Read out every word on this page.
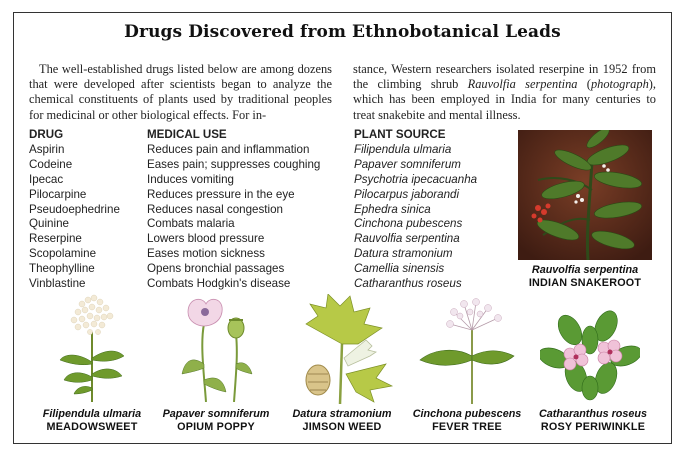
Drugs Discovered from Ethnobotanical Leads
The well-established drugs listed below are among dozens that were developed after scientists began to analyze the chemical constituents of plants used by traditional peoples for medicinal or other biological effects. For in-
stance, Western researchers isolated reserpine in 1952 from the climbing shrub Rauvolfia serpentina (photograph), which has been employed in India for many centuries to treat snakebite and mental illness.
DRUG
Aspirin
Codeine
Ipecac
Pilocarpine
Pseudoephedrine
Quinine
Reserpine
Scopolamine
Theophylline
Vinblastine
MEDICAL USE
Reduces pain and inflammation
Eases pain; suppresses coughing
Induces vomiting
Reduces pressure in the eye
Reduces nasal congestion
Combats malaria
Lowers blood pressure
Eases motion sickness
Opens bronchial passages
Combats Hodgkin's disease
PLANT SOURCE
Filipendula ulmaria
Papaver somniferum
Psychotria ipecacuanha
Pilocarpus jaborandi
Ephedra sinica
Cinchona pubescens
Rauvolfia serpentina
Datura stramonium
Camellia sinensis
Catharanthus roseus
Rauvolfia serpentina
INDIAN SNAKEROOT
Filipendula ulmaria
MEADOWSWEET
Papaver somniferum
OPIUM POPPY
Datura stramonium
JIMSON WEED
Cinchona pubescens
FEVER TREE
Catharanthus roseus
ROSY PERIWINKLE
